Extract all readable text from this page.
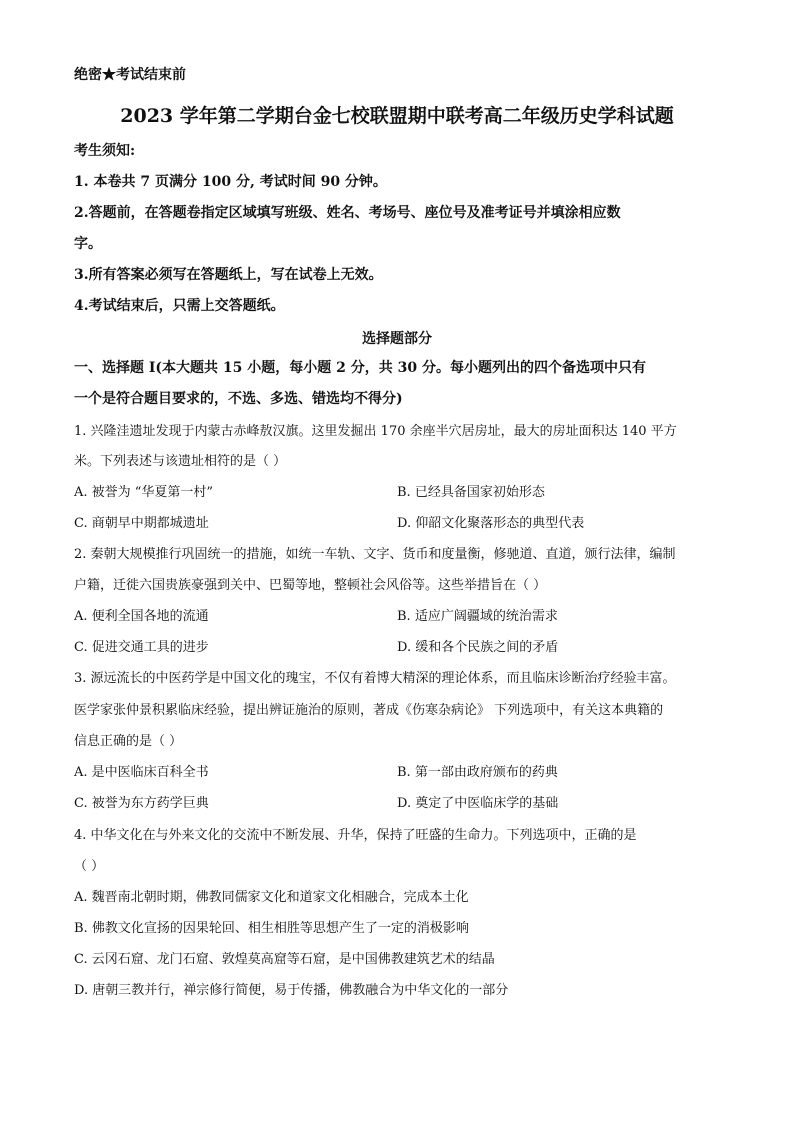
绝密★考试结束前
2023 学年第二学期台金七校联盟期中联考高二年级历史学科试题
考生须知:
1. 本卷共 7 页满分 100 分, 考试时间 90 分钟。
2.答题前，在答题卷指定区域填写班级、姓名、考场号、座位号及准考证号并填涂相应数
字。
3.所有答案必须写在答题纸上，写在试卷上无效。
4.考试结束后，只需上交答题纸。
选择题部分
一、选择题 Ⅰ(本大题共 15 小题，每小题 2 分，共 30 分。每小题列出的四个备选项中只有
一个是符合题目要求的，不选、多选、错选均不得分)
1. 兴隆洼遗址发现于内蒙古赤峰敖汉旗。这里发掘出 170 余座半穴居房址，最大的房址面积达 140 平方
米。下列表述与该遗址相符的是（ ）
A. 被誉为 “华夏第一村”	B. 已经具备国家初始形态
C. 商朝早中期都城遗址	D. 仰韶文化聚落形态的典型代表
2. 秦朝大规模推行巩固统一的措施，如统一车轨、文字、货币和度量衡，修驰道、直道，颁行法律，编制
户籍，迁徙六国贵族豪强到关中、巴蜀等地，整顿社会风俗等。这些举措旨在（ ）
A. 便利全国各地的流通	B. 适应广阔疆域的统治需求
C. 促进交通工具的进步	D. 缓和各个民族之间的矛盾
3. 源远流长的中医药学是中国文化的瑰宝，不仅有着博大精深的理论体系，而且临床诊断治疗经验丰富。
医学家张仲景积累临床经验，提出辨证施治的原则，著成《伤寒杂病论》 下列选项中，有关这本典籍的
信息正确的是（ ）
A. 是中医临床百科全书	B. 第一部由政府颁布的药典
C. 被誉为东方药学巨典	D. 奠定了中医临床学的基础
4. 中华文化在与外来文化的交流中不断发展、升华，保持了旺盛的生命力。下列选项中，正确的是
（ ）
A. 魏晋南北朝时期，佛教同儒家文化和道家文化相融合，完成本土化
B. 佛教文化宣扬的因果轮回、相生相胜等思想产生了一定的消极影响
C. 云冈石窟、龙门石窟、敦煌莫高窟等石窟，是中国佛教建筑艺术的结晶
D. 唐朝三教并行，禅宗修行简便，易于传播，佛教融合为中华文化的一部分
